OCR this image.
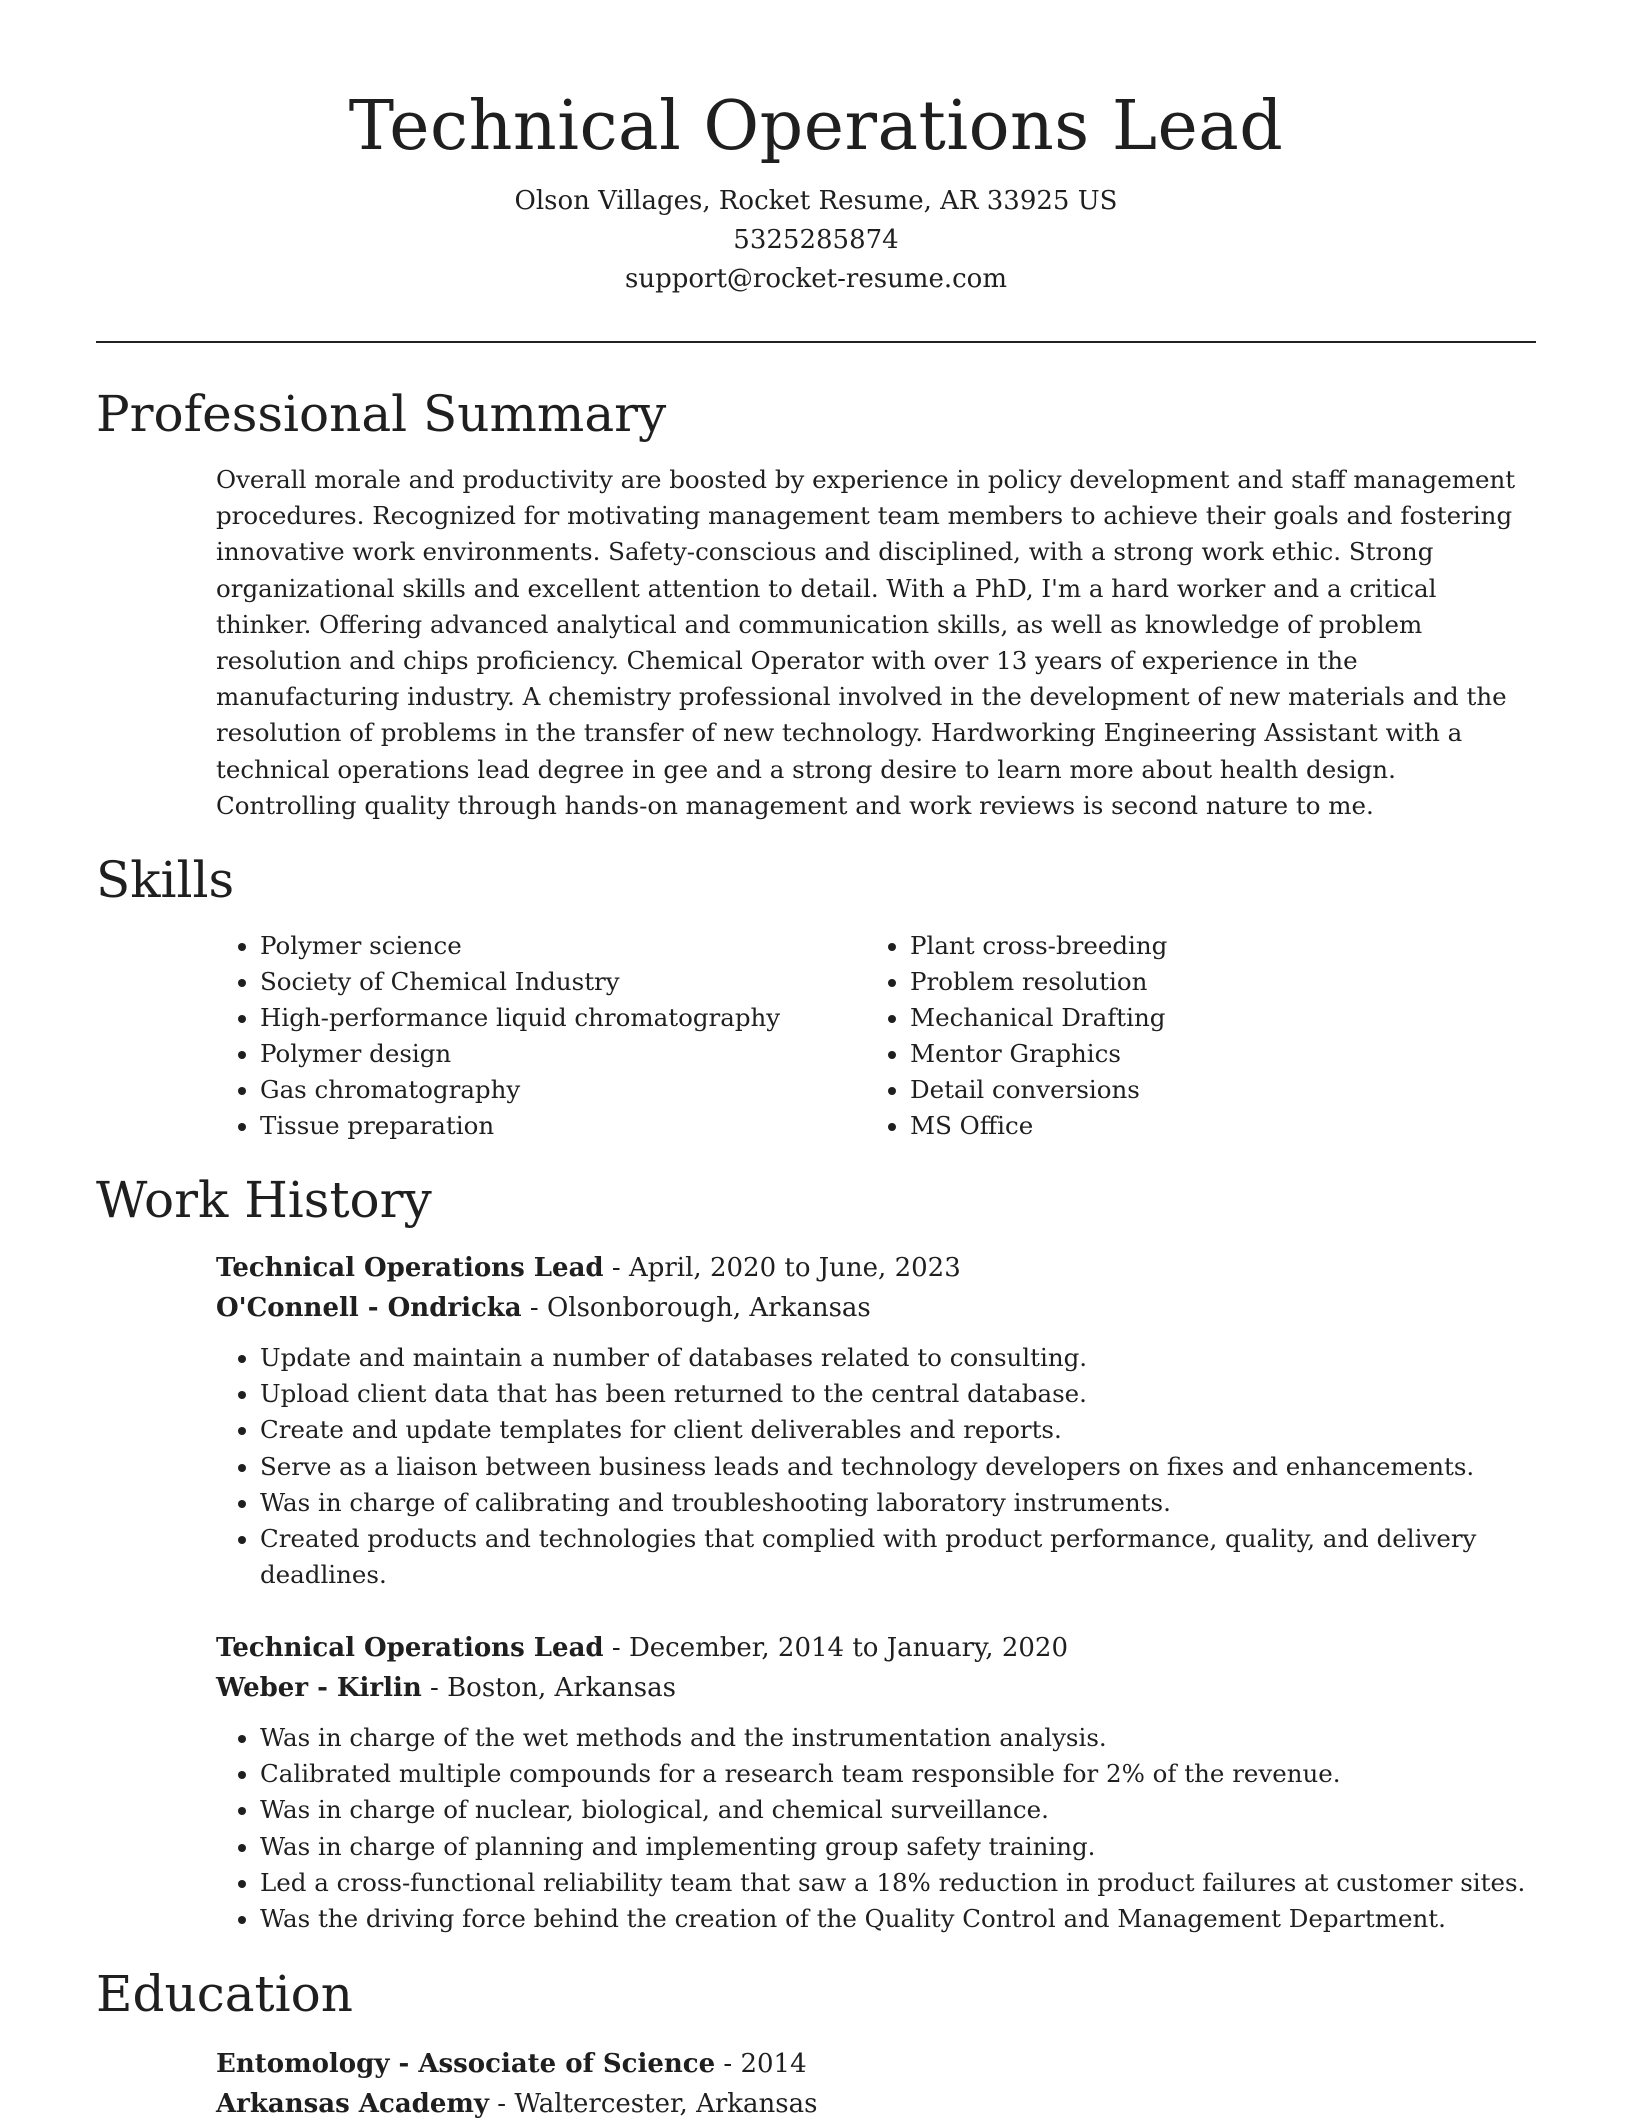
Technical Operations Lead
Olson Villages, Rocket Resume, AR 33925 US
5325285874
support@rocket-resume.com
Professional Summary
Overall morale and productivity are boosted by experience in policy development and staff management procedures. Recognized for motivating management team members to achieve their goals and fostering innovative work environments. Safety-conscious and disciplined, with a strong work ethic. Strong organizational skills and excellent attention to detail. With a PhD, I'm a hard worker and a critical thinker. Offering advanced analytical and communication skills, as well as knowledge of problem resolution and chips proficiency. Chemical Operator with over 13 years of experience in the manufacturing industry. A chemistry professional involved in the development of new materials and the resolution of problems in the transfer of new technology. Hardworking Engineering Assistant with a technical operations lead degree in gee and a strong desire to learn more about health design. Controlling quality through hands-on management and work reviews is second nature to me.
Skills
• Polymer science
• Society of Chemical Industry
• High-performance liquid chromatography
• Polymer design
• Gas chromatography
• Tissue preparation
• Plant cross-breeding
• Problem resolution
• Mechanical Drafting
• Mentor Graphics
• Detail conversions
• MS Office
Work History
Technical Operations Lead - April, 2020 to June, 2023
O'Connell - Ondricka - Olsonborough, Arkansas
• Update and maintain a number of databases related to consulting.
• Upload client data that has been returned to the central database.
• Create and update templates for client deliverables and reports.
• Serve as a liaison between business leads and technology developers on fixes and enhancements.
• Was in charge of calibrating and troubleshooting laboratory instruments.
• Created products and technologies that complied with product performance, quality, and delivery deadlines.
Technical Operations Lead - December, 2014 to January, 2020
Weber - Kirlin - Boston, Arkansas
• Was in charge of the wet methods and the instrumentation analysis.
• Calibrated multiple compounds for a research team responsible for 2% of the revenue.
• Was in charge of nuclear, biological, and chemical surveillance.
• Was in charge of planning and implementing group safety training.
• Led a cross-functional reliability team that saw a 18% reduction in product failures at customer sites.
• Was the driving force behind the creation of the Quality Control and Management Department.
Education
Entomology - Associate of Science - 2014
Arkansas Academy - Waltercester, Arkansas
